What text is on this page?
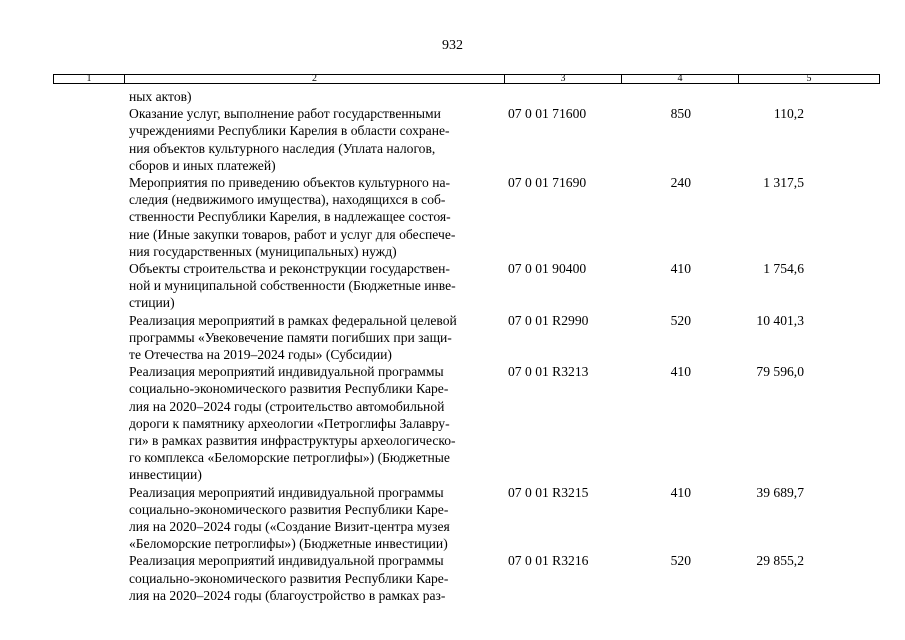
932
1	2	3	4	5
ных актов)
Оказание услуг, выполнение работ государственными
учреждениями Республики Карелия в области сохране-
ния объектов культурного наследия (Уплата налогов,
сборов и иных платежей)
07 0 01 71600	850	110,2
Мероприятия по приведению объектов культурного на-
следия (недвижимого имущества), находящихся в соб-
ственности Республики Карелия, в надлежащее состоя-
ние (Иные закупки товаров, работ и услуг для обеспече-
ния государственных (муниципальных) нужд)
07 0 01 71690	240	1 317,5
Объекты строительства и реконструкции государствен-
ной и муниципальной собственности (Бюджетные инве-
стиции)
07 0 01 90400	410	1 754,6
Реализация мероприятий в рамках федеральной целевой
программы «Увековечение памяти погибших при защи-
те Отечества на 2019–2024 годы» (Субсидии)
07 0 01 R2990	520	10 401,3
Реализация мероприятий индивидуальной программы
социально-экономического развития Республики Каре-
лия на 2020–2024 годы (строительство автомобильной
дороги к памятнику археологии «Петроглифы Залавру-
ги» в рамках развития инфраструктуры археологическо-
го комплекса «Беломорские петроглифы») (Бюджетные
инвестиции)
07 0 01 R3213	410	79 596,0
Реализация мероприятий индивидуальной программы
социально-экономического развития Республики Каре-
лия на 2020–2024 годы («Создание Визит-центра музея
«Беломорские петроглифы») (Бюджетные инвестиции)
07 0 01 R3215	410	39 689,7
Реализация мероприятий индивидуальной программы
социально-экономического развития Республики Каре-
лия на 2020–2024 годы (благоустройство в рамках раз-
07 0 01 R3216	520	29 855,2
